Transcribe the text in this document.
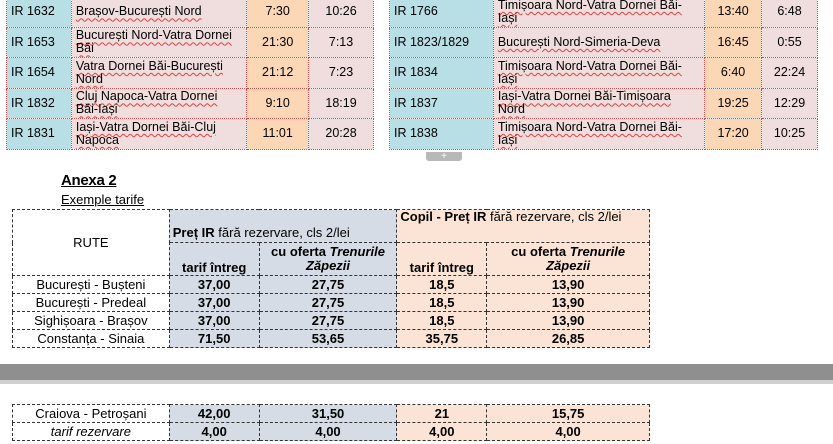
IR 1632	Brașov-București Nord	7:30	10:26
IR 1653	București Nord-Vatra Dornei Băi	21:30	7:13
IR 1654	Vatra Dornei Băi-București Nord	21:12	7:23
IR 1832	Cluj Napoca-Vatra Dornei Băi-Iași	9:10	18:19
IR 1831	Iași-Vatra Dornei Băi-Cluj Napoca	11:01	20:28
IR 1766	Timișoara Nord-Vatra Dornei Băi-Iași	13:40	6:48
IR 1823/1829	București Nord-Simeria-Deva	16:45	0:55
IR 1834	Timișoara Nord-Vatra Dornei Băi-Iași	6:40	22:24
IR 1837	Iași-Vatra Dornei Băi-Timișoara Nord	19:25	12:29
IR 1838	Timișoara Nord-Vatra Dornei Băi-Iași	17:20	10:25
+
Anexa 2
Exemple tarife
RUTE	Preț IR fără rezervare, cls 2/lei		Copil - Preț IR fără rezervare, cls 2/lei	
	tarif întreg	cu oferta Trenurile Zăpezii	tarif întreg	cu oferta Trenurile Zăpezii
București - Bușteni	37,00	27,75	18,5	13,90
București - Predeal	37,00	27,75	18,5	13,90
Sighișoara - Brașov	37,00	27,75	18,5	13,90
Constanța - Sinaia	71,50	53,65	35,75	26,85
Craiova - Petroșani	42,00	31,50	21	15,75
tarif rezervare	4,00	4,00	4,00	4,00
